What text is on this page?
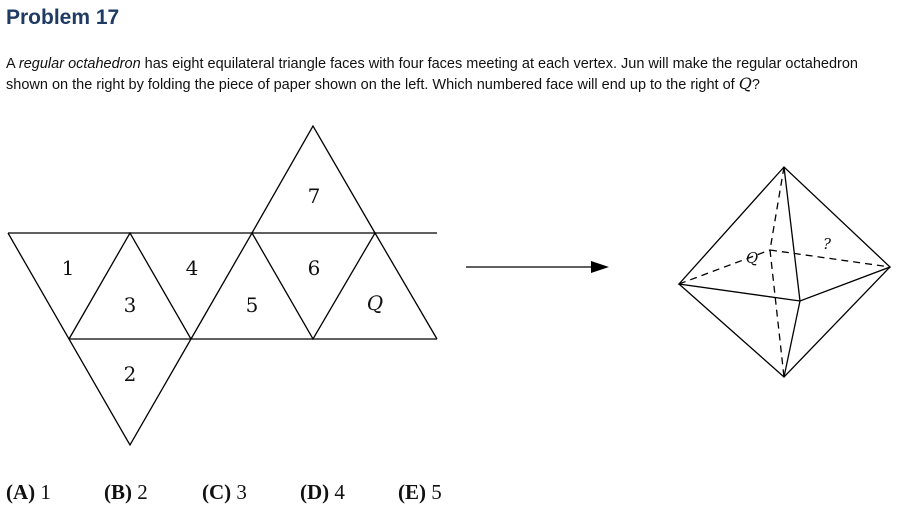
Problem 17

A regular octahedron has eight equilateral triangle faces with four faces meeting at each vertex. Jun will make the regular octahedron shown on the right by folding the piece of paper shown on the left. Which numbered face will end up to the right of Q?

1
3
4
5
6
7
Q
2
Q
?
(A) 1	(B) 2	(C) 3	(D) 4	(E) 5
